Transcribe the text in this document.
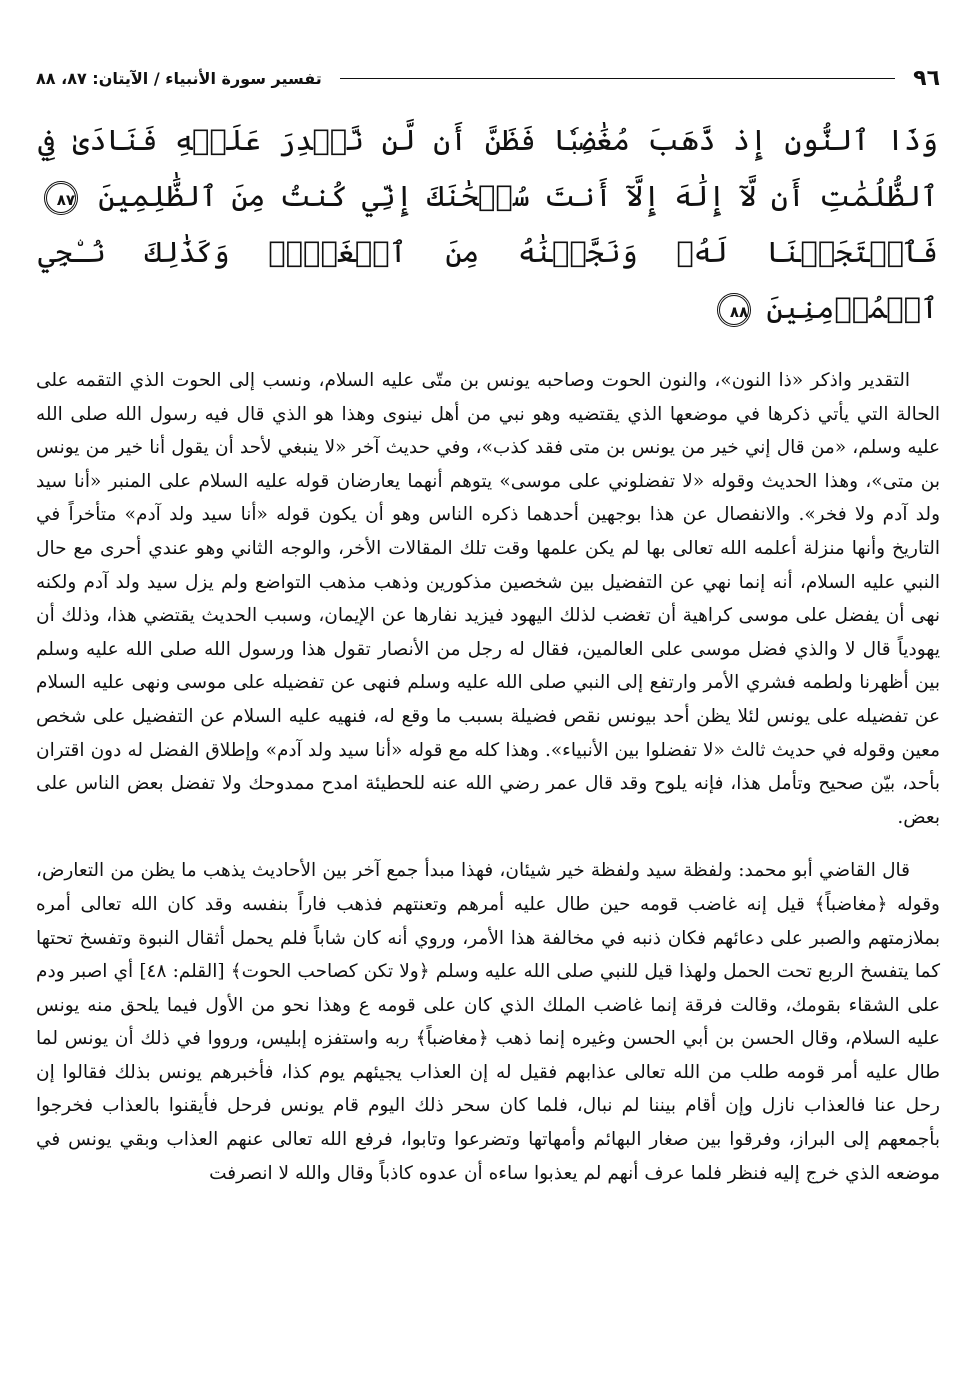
٩٦
تفسير سورة الأنبياء / الآيتان: ٨٧، ٨٨
وَذَا ٱلنُّونِ إِذ ذَّهَبَ مُغَٰضِبٗا فَظَنَّ أَن لَّن نَّقۡدِرَ عَلَيۡهِ فَنَادَىٰ فِي ٱلظُّلُمَٰتِ أَن لَّآ إِلَٰهَ إِلَّآ أَنتَ سُبۡحَٰنَكَ إِنِّي كُنتُ مِنَ ٱلظَّٰلِمِينَ ٨٧ فَٱسۡتَجَبۡنَا لَهُۥ وَنَجَّيۡنَٰهُ مِنَ ٱلۡغَمِّۚ وَكَذَٰلِكَ نُـۨجِي ٱلۡمُؤۡمِنِينَ ٨٨

التقدير واذكر «ذا النون»، والنون الحوت وصاحبه يونس بن متّى عليه السلام، ونسب إلى الحوت الذي التقمه على الحالة التي يأتي ذكرها في موضعها الذي يقتضيه وهو نبي من أهل نينوى وهذا هو الذي قال فيه رسول الله صلى الله عليه وسلم، «من قال إني خير من يونس بن متى فقد كذب»، وفي حديث آخر «لا ينبغي لأحد أن يقول أنا خير من يونس بن متى»، وهذا الحديث وقوله «لا تفضلوني على موسى» يتوهم أنهما يعارضان قوله عليه السلام على المنبر «أنا سيد ولد آدم ولا فخر». والانفصال عن هذا بوجهين أحدهما ذكره الناس وهو أن يكون قوله «أنا سيد ولد آدم» متأخراً في التاريخ وأنها منزلة أعلمه الله تعالى بها لم يكن علمها وقت تلك المقالات الأخر، والوجه الثاني وهو عندي أحرى مع حال النبي عليه السلام، أنه إنما نهي عن التفضيل بين شخصين مذكورين وذهب مذهب التواضع ولم يزل سيد ولد آدم ولكنه نهى أن يفضل على موسى كراهية أن تغضب لذلك اليهود فيزيد نفارها عن الإيمان، وسبب الحديث يقتضي هذا، وذلك أن يهودياً قال لا والذي فضل موسى على العالمين، فقال له رجل من الأنصار تقول هذا ورسول الله صلى الله عليه وسلم بين أظهرنا ولطمه فشري الأمر وارتفع إلى النبي صلى الله عليه وسلم فنهى عن تفضيله على موسى ونهى عليه السلام عن تفضيله على يونس لئلا يظن أحد بيونس نقص فضيلة بسبب ما وقع له، فنهيه عليه السلام عن التفضيل على شخص معين وقوله في حديث ثالث «لا تفضلوا بين الأنبياء». وهذا كله مع قوله «أنا سيد ولد آدم» وإطلاق الفضل له دون اقتران بأحد، بيّن صحيح وتأمل هذا، فإنه يلوح وقد قال عمر رضي الله عنه للحطيئة امدح ممدوحك ولا تفضل بعض الناس على بعض.

قال القاضي أبو محمد: ولفظة سيد ولفظة خير شيئان، فهذا مبدأ جمع آخر بين الأحاديث يذهب ما يظن من التعارض، وقوله ﴿مغاضباً﴾ قيل إنه غاضب قومه حين طال عليه أمرهم وتعنتهم فذهب فاراً بنفسه وقد كان الله تعالى أمره بملازمتهم والصبر على دعائهم فكان ذنبه في مخالفة هذا الأمر، وروي أنه كان شاباً فلم يحمل أثقال النبوة وتفسخ تحتها كما يتفسخ الربع تحت الحمل ولهذا قيل للنبي صلى الله عليه وسلم ﴿ولا تكن كصاحب الحوت﴾ [القلم: ٤٨] أي اصبر ودم على الشقاء بقومك، وقالت فرقة إنما غاضب الملك الذي كان على قومه ع وهذا نحو من الأول فيما يلحق منه يونس عليه السلام، وقال الحسن بن أبي الحسن وغيره إنما ذهب ﴿مغاضباً﴾ ربه واستفزه إبليس، ورووا في ذلك أن يونس لما طال عليه أمر قومه طلب من الله تعالى عذابهم فقيل له إن العذاب يجيئهم يوم كذا، فأخبرهم يونس بذلك فقالوا إن رحل عنا فالعذاب نازل وإن أقام بيننا لم نبال، فلما كان سحر ذلك اليوم قام يونس فرحل فأيقنوا بالعذاب فخرجوا بأجمعهم إلى البراز، وفرقوا بين صغار البهائم وأمهاتها وتضرعوا وتابوا، فرفع الله تعالى عنهم العذاب وبقي يونس في موضعه الذي خرج إليه فنظر فلما عرف أنهم لم يعذبوا ساءه أن عدوه كاذباً وقال والله لا انصرفت
